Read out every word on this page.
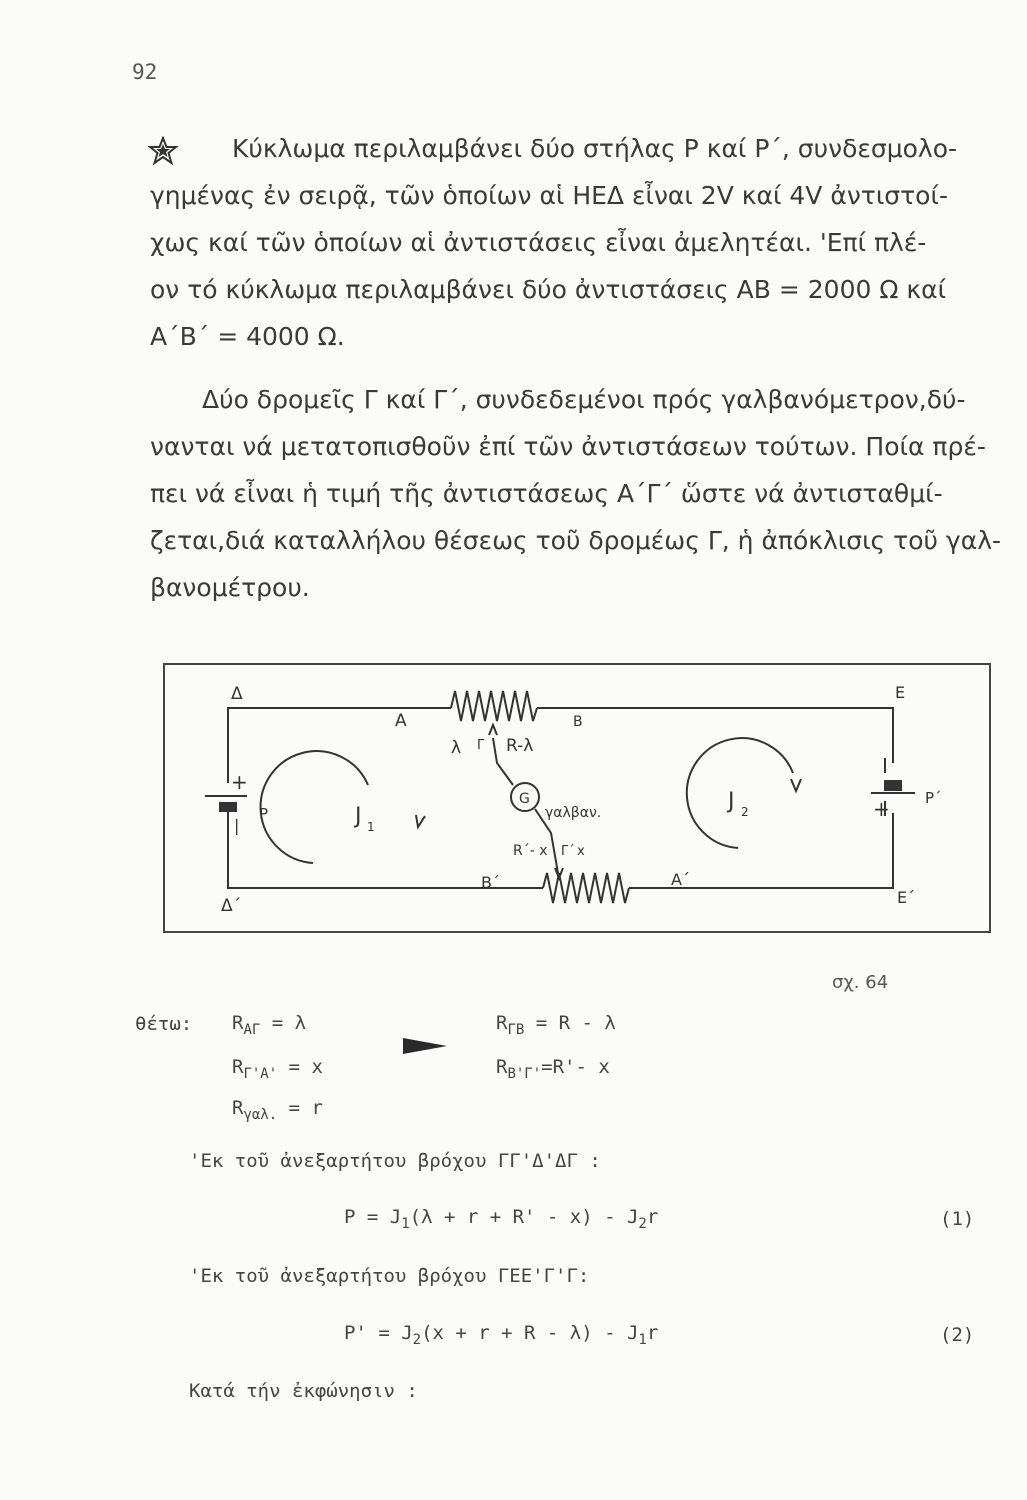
92

Κύκλωμα περιλαμβάνει δύο στήλας P καί P΄, συνδεσμολο-
γημένας ἐν σειρᾷ, τῶν ὁποίων αἱ ΗΕΔ εἶναι 2V καί 4V ἀντιστοί-
χως καί τῶν ὁποίων αἱ ἀντιστάσεις εἶναι ἀμελητέαι. 'Επί πλέ-
ον τό κύκλωμα περιλαμβάνει δύο ἀντιστάσεις AB = 2000 Ω καί
A΄B΄ = 4000 Ω.

Δύο δρομεῖς Γ καί Γ΄, συνδεδεμένοι πρός γαλβανόμετρον,δύ-
νανται νά μετατοπισθοῦν ἐπί τῶν ἀντιστάσεων τούτων. Ποία πρέ-
πει νά εἶναι ἡ τιμή τῆς ἀντιστάσεως A΄Γ΄ ὥστε νά ἀντισταθμί-
ζεται,διά καταλλήλου θέσεως τοῦ δρομέως Γ, ἡ ἀπόκλισις τοῦ γαλ-
βανομέτρου.

Δ
Δ΄
E
E΄
A	B
λ Γ R-λ
G
γαλβαν.
R΄- x Γ΄ x
B΄	A΄
J 1
J 2
P
P΄
+
|
+
σχ. 64
θέτω: $R_{A\Gamma} = \lambda$
$R_{\Gamma'A'} = x$
$R_{\gamma\alpha\lambda.} = r$
$R_{\Gamma B} = R - \lambda$
$R_{B'\Gamma'}=R'-$ x
'Εκ τοῦ ἀνεξαρτήτου βρόχου ΓΓ'Δ'ΔΓ :
$P = J_1(\lambda + r + R' - x) - J_2r$	(1)
'Εκ τοῦ ἀνεξαρτήτου βρόχου ΓΕΕ'Γ'Γ:
$P' = J_2(x + r + R - \lambda) - J_1r$	(2)
Κατά τήν ἐκφώνησιν :
